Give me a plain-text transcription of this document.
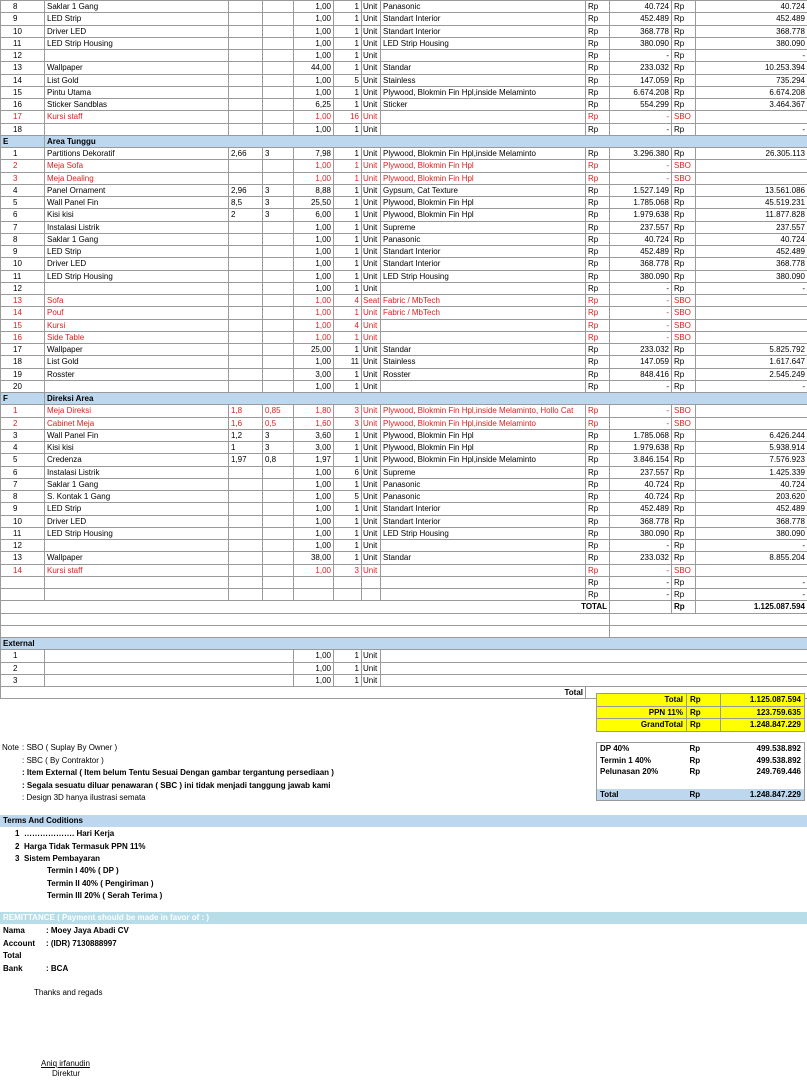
8	Saklar 1 Gang			1,00	1	Unit	Panasonic	Rp	40.724	Rp	40.724
9	LED Strip			1,00	1	Unit	Standart Interior	Rp	452.489	Rp	452.489
10	Driver LED			1,00	1	Unit	Standart Interior	Rp	368.778	Rp	368.778
11	LED Strip Housing			1,00	1	Unit	LED Strip Housing	Rp	380.090	Rp	380.090
12				1,00	1	Unit		Rp	-	Rp	-
13	Wallpaper			44,00	1	Unit	Standar	Rp	233.032	Rp	10.253.394
14	List Gold			1,00	5	Unit	Stainless	Rp	147.059	Rp	735.294
15	Pintu Utama			1,00	1	Unit	Plywood, Blokmin Fin Hpl,inside Melaminto	Rp	6.674.208	Rp	6.674.208
16	Sticker Sandblas			6,25	1	Unit	Sticker	Rp	554.299	Rp	3.464.367
17	Kursi staff			1,00	16	Unit		Rp	-	SBO	
18				1,00	1	Unit		Rp	-	Rp	-
E	Area Tunggu										
1	Partitions Dekoratif	2,66	3	7,98	1	Unit	Plywood, Blokmin Fin Hpl,inside Melaminto	Rp	3.296.380	Rp	26.305.113
2	Meja Sofa			1,00	1	Unit	Plywood, Blokmin Fin Hpl	Rp	-	SBO	
3	Meja Dealing			1,00	1	Unit	Plywood, Blokmin Fin Hpl	Rp	-	SBO	
4	Panel Ornament	2,96	3	8,88	1	Unit	Gypsum, Cat Texture	Rp	1.527.149	Rp	13.561.086
5	Wall Panel Fin	8,5	3	25,50	1	Unit	Plywood, Blokmin Fin Hpl	Rp	1.785.068	Rp	45.519.231
6	Kisi kisi	2	3	6,00	1	Unit	Plywood, Blokmin Fin Hpl	Rp	1.979.638	Rp	11.877.828
7	Instalasi Listrik			1,00	1	Unit	Supreme	Rp	237.557	Rp	237.557
8	Saklar 1 Gang			1,00	1	Unit	Panasonic	Rp	40.724	Rp	40.724
9	LED Strip			1,00	1	Unit	Standart Interior	Rp	452.489	Rp	452.489
10	Driver LED			1,00	1	Unit	Standart Interior	Rp	368.778	Rp	368.778
11	LED Strip Housing			1,00	1	Unit	LED Strip Housing	Rp	380.090	Rp	380.090
12				1,00	1	Unit		Rp	-	Rp	-
13	Sofa			1,00	4	Seat	Fabric / MbTech	Rp	-	SBO	
14	Pouf			1,00	1	Unit	Fabric / MbTech	Rp	-	SBO	
15	Kursi			1,00	4	Unit		Rp	-	SBO	
16	Side Table			1,00	1	Unit		Rp	-	SBO	
17	Wallpaper			25,00	1	Unit	Standar	Rp	233.032	Rp	5.825.792
18	List Gold			1,00	11	Unit	Stainless	Rp	147.059	Rp	1.617.647
19	Rosster			3,00	1	Unit	Rosster	Rp	848.416	Rp	2.545.249
20				1,00	1	Unit		Rp	-	Rp	-
F	Direksi Area										
1	Meja Direksi	1,8	0,85	1,80	3	Unit	Plywood, Blokmin Fin Hpl,inside Melaminto, Hollo Cat	Rp	-	SBO	
2	Cabinet Meja	1,6	0,5	1,60	3	Unit	Plywood, Blokmin Fin Hpl,inside Melaminto	Rp	-	SBO	
3	Wall Panel Fin	1,2	3	3,60	1	Unit	Plywood, Blokmin Fin Hpl	Rp	1.785.068	Rp	6.426.244
4	Kisi kisi	1	3	3,00	1	Unit	Plywood, Blokmin Fin Hpl	Rp	1.979.638	Rp	5.938.914
5	Credenza	1,97	0,8	1,97	1	Unit	Plywood, Blokmin Fin Hpl,inside Melaminto	Rp	3.846.154	Rp	7.576.923
6	Instalasi Listrik			1,00	6	Unit	Supreme	Rp	237.557	Rp	1.425.339
7	Saklar 1 Gang			1,00	1	Unit	Panasonic	Rp	40.724	Rp	40.724
8	S. Kontak 1 Gang			1,00	5	Unit	Panasonic	Rp	40.724	Rp	203.620
9	LED Strip			1,00	1	Unit	Standart Interior	Rp	452.489	Rp	452.489
10	Driver LED			1,00	1	Unit	Standart Interior	Rp	368.778	Rp	368.778
11	LED Strip Housing			1,00	1	Unit	LED Strip Housing	Rp	380.090	Rp	380.090
12				1,00	1	Unit		Rp	-	Rp	-
13	Wallpaper			38,00	1	Unit	Standar	Rp	233.032	Rp	8.855.204
14	Kursi staff			1,00	3	Unit		Rp	-	SBO	
								Rp	-	Rp	-
								Rp	-	Rp	-
TOTAL										Rp	1.125.087.594

External											
1				1,00	1	Unit					
2				1,00	1	Unit					
3				1,00	1	Unit					
Total											
Total	Rp	1.125.087.594
PPN 11%	Rp	123.759.635
GrandTotal	Rp	1.248.847.229
DP 40%	Rp	499.538.892
Termin 1 40%	Rp	499.538.892
Pelunasan 20%	Rp	249.769.446

Total	Rp	1.248.847.229
Note : SBO ( Suplay By Owner )
: SBC ( By Contraktor )
: Item External ( Item belum Tentu Sesuai Dengan gambar tergantung persediaan )
: Segala sesuatu diluar penawaran ( SBC ) ini tidak menjadi tanggung jawab kami
: Design 3D hanya ilustrasi semata
Terms And Coditions
1 ………………. Hari Kerja
2 Harga Tidak Termasuk PPN 11%
3 Sistem Pembayaran
Termin I 40% ( DP )
Termin II 40% ( Pengiriman )
Termin III 20% ( Serah Terima )
REMITTANCE ( Payment should be made in favor of : )
Nama	: Moey Jaya Abadi CV
Account : (IDR) 7130888997
Total
Bank	: BCA
Thanks and regads
Aniq irfanudin
Direktur
